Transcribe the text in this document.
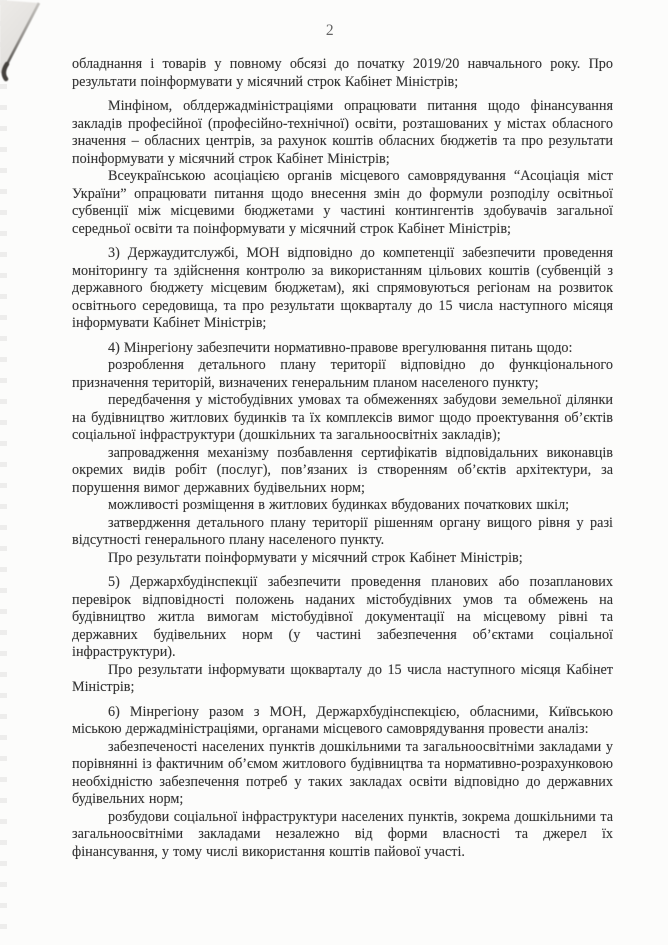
2

обладнання і товарів у повному обсязі до початку 2019/20 навчального року. Про результати поінформувати у місячний строк Кабінет Міністрів;

Мінфіном, облдержадміністраціями опрацювати питання щодо фінансування закладів професійної (професійно-технічної) освіти, розташованих у містах обласного значення – обласних центрів, за рахунок коштів обласних бюджетів та про результати поінформувати у місячний строк Кабінет Міністрів;

Всеукраїнською асоціацією органів місцевого самоврядування “Асоціація міст України” опрацювати питання щодо внесення змін до формули розподілу освітньої субвенції між місцевими бюджетами у частині контингентів здобувачів загальної середньої освіти та поінформувати у місячний строк Кабінет Міністрів;

3) Держаудитслужбі, МОН відповідно до компетенції забезпечити проведення моніторингу та здійснення контролю за використанням цільових коштів (субвенцій з державного бюджету місцевим бюджетам), які спрямовуються регіонам на розвиток освітнього середовища, та про результати щокварталу до 15 числа наступного місяця інформувати Кабінет Міністрів;

4) Мінрегіону забезпечити нормативно-правове врегулювання питань щодо:

розроблення детального плану території відповідно до функціонального призначення територій, визначених генеральним планом населеного пункту;

передбачення у містобудівних умовах та обмеженнях забудови земельної ділянки на будівництво житлових будинків та їх комплексів вимог щодо проектування об’єктів соціальної інфраструктури (дошкільних та загальноосвітніх закладів);

запровадження механізму позбавлення сертифікатів відповідальних виконавців окремих видів робіт (послуг), пов’язаних із створенням об’єктів архітектури, за порушення вимог державних будівельних норм;

можливості розміщення в житлових будинках вбудованих початкових шкіл;

затвердження детального плану території рішенням органу вищого рівня у разі відсутності генерального плану населеного пункту.

Про результати поінформувати у місячний строк Кабінет Міністрів;

5) Держархбудінспекції забезпечити проведення планових або позапланових перевірок відповідності положень наданих містобудівних умов та обмежень на будівництво житла вимогам містобудівної документації на місцевому рівні та державних будівельних норм (у частині забезпечення об’єктами соціальної інфраструктури).

Про результати інформувати щокварталу до 15 числа наступного місяця Кабінет Міністрів;

6) Мінрегіону разом з МОН, Держархбудінспекцією, обласними, Київською міською держадміністраціями, органами місцевого самоврядування провести аналіз:

забезпеченості населених пунктів дошкільними та загальноосвітніми закладами у порівнянні із фактичним об’ємом житлового будівництва та нормативно-розрахунковою необхідністю забезпечення потреб у таких закладах освіти відповідно до державних будівельних норм;

розбудови соціальної інфраструктури населених пунктів, зокрема дошкільними та загальноосвітніми закладами незалежно від форми власності та джерел їх фінансування, у тому числі використання коштів пайової участі.
